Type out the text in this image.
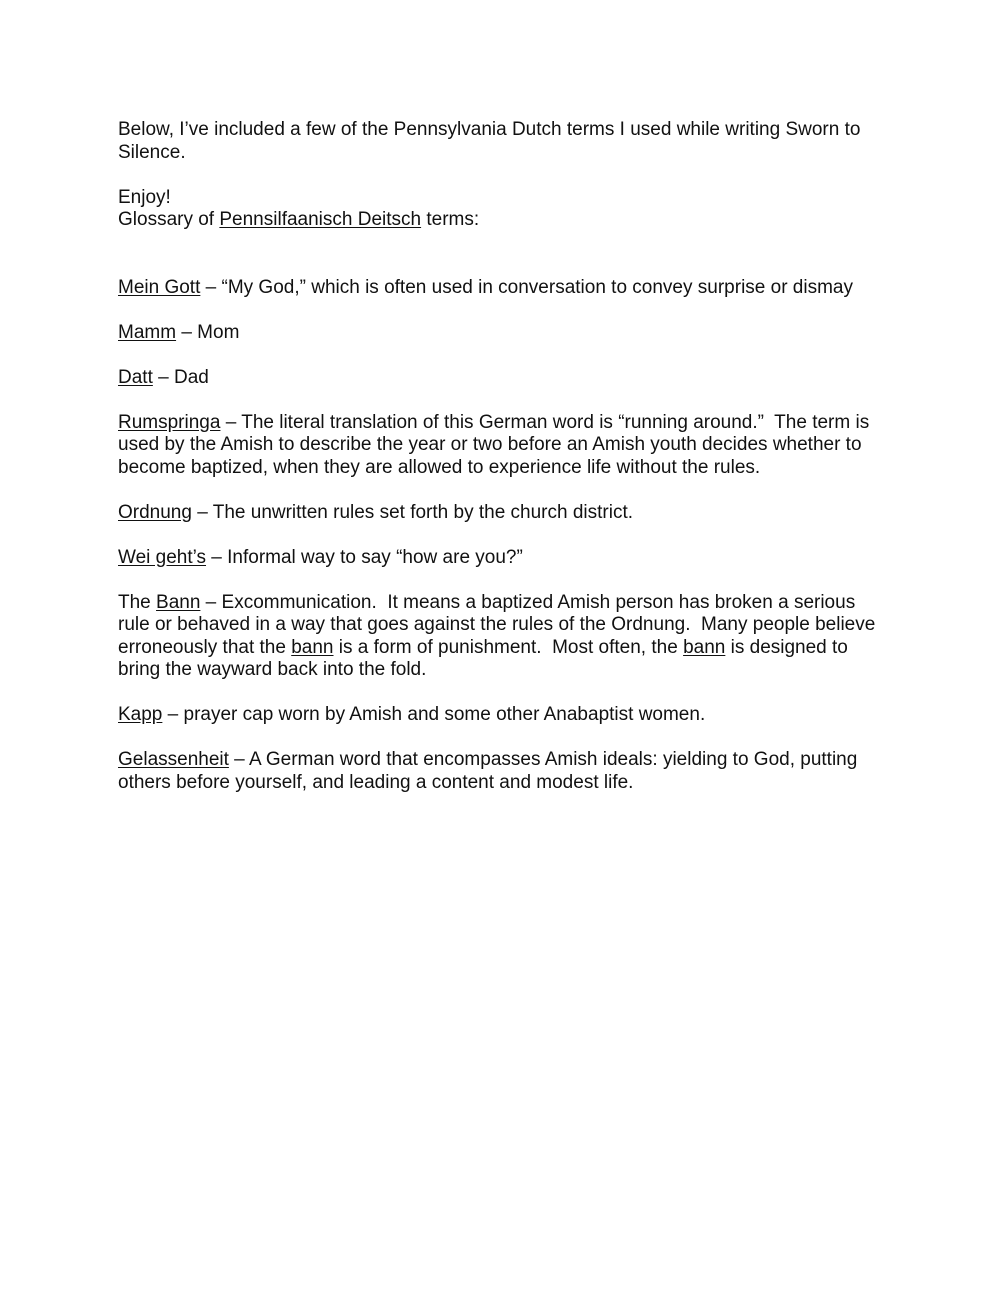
Below, I’ve included a few of the Pennsylvania Dutch terms I used while writing Sworn to Silence.

Enjoy!

Glossary of Pennsilfaanisch Deitsch terms:

Mein Gott – “My God,” which is often used in conversation to convey surprise or dismay

Mamm – Mom

Datt – Dad

Rumspringa – The literal translation of this German word is “running around.”  The term is used by the Amish to describe the year or two before an Amish youth decides whether to become baptized, when they are allowed to experience life without the rules.

Ordnung – The unwritten rules set forth by the church district.

Wei geht’s – Informal way to say “how are you?”

The Bann – Excommunication.  It means a baptized Amish person has broken a serious rule or behaved in a way that goes against the rules of the Ordnung.  Many people believe erroneously that the bann is a form of punishment.  Most often, the bann is designed to bring the wayward back into the fold.

Kapp – prayer cap worn by Amish and some other Anabaptist women.

Gelassenheit – A German word that encompasses Amish ideals: yielding to God, putting others before yourself, and leading a content and modest life.
